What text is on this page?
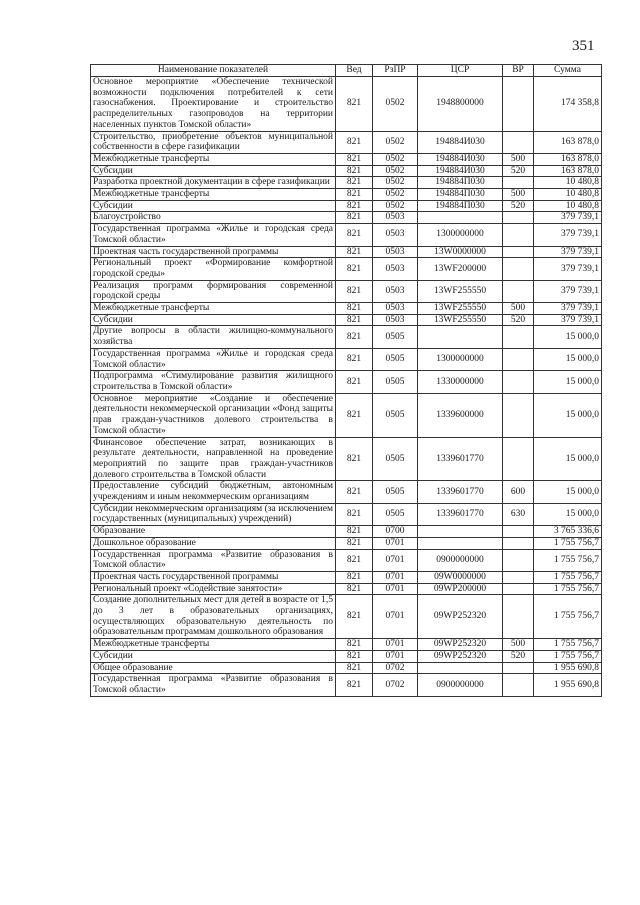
351
Наименование показателей	Вед	РзПР	ЦСР	ВР	Сумма
Основное мероприятие «Обеспечение технической возможности подключения потребителей к сети газоснабжения. Проектирование и строительство распределительных газопроводов на территории населенных пунктов Томской области»	821	0502	1948800000		174 358,8
Строительство, приобретение объектов муниципальной собственности в сфере газификации	821	0502	194884И030		163 878,0
Межбюджетные трансферты	821	0502	194884И030	500	163 878,0
Субсидии	821	0502	194884И030	520	163 878,0
Разработка проектной документации в сфере газификации	821	0502	194884П030		10 480,8
Межбюджетные трансферты	821	0502	194884П030	500	10 480,8
Субсидии	821	0502	194884П030	520	10 480,8
Благоустройство	821	0503			379 739,1
Государственная программа «Жилье и городская среда Томской области»	821	0503	1300000000		379 739,1
Проектная часть государственной программы	821	0503	13W0000000		379 739,1
Региональный проект «Формирование комфортной городской среды»	821	0503	13WF200000		379 739,1
Реализация программ формирования современной городской среды	821	0503	13WF255550		379 739,1
Межбюджетные трансферты	821	0503	13WF255550	500	379 739,1
Субсидии	821	0503	13WF255550	520	379 739,1
Другие вопросы в области жилищно-коммунального хозяйства	821	0505			15 000,0
Государственная программа «Жилье и городская среда Томской области»	821	0505	1300000000		15 000,0
Подпрограмма «Стимулирование развития жилищного строительства в Томской области»	821	0505	1330000000		15 000,0
Основное мероприятие «Создание и обеспечение деятельности некоммерческой организации «Фонд защиты прав граждан-участников долевого строительства в Томской области»	821	0505	1339600000		15 000,0
Финансовое обеспечение затрат, возникающих в результате деятельности, направленной на проведение мероприятий по защите прав граждан-участников долевого строительства в Томской области	821	0505	1339601770		15 000,0
Предоставление субсидий бюджетным, автономным учреждениям и иным некоммерческим организациям	821	0505	1339601770	600	15 000,0
Субсидии некоммерческим организациям (за исключением государственных (муниципальных) учреждений)	821	0505	1339601770	630	15 000,0
Образование	821	0700			3 765 336,6
Дошкольное образование	821	0701			1 755 756,7
Государственная программа «Развитие образования в Томской области»	821	0701	0900000000		1 755 756,7
Проектная часть государственной программы	821	0701	09W0000000		1 755 756,7
Региональный проект «Содействие занятости»	821	0701	09WP200000		1 755 756,7
Создание дополнительных мест для детей в возрасте от 1,5 до 3 лет в образовательных организациях, осуществляющих образовательную деятельность по образовательным программам дошкольного образования	821	0701	09WP252320		1 755 756,7
Межбюджетные трансферты	821	0701	09WP252320	500	1 755 756,7
Субсидии	821	0701	09WP252320	520	1 755 756,7
Общее образование	821	0702			1 955 690,8
Государственная программа «Развитие образования в Томской области»	821	0702	0900000000		1 955 690,8
